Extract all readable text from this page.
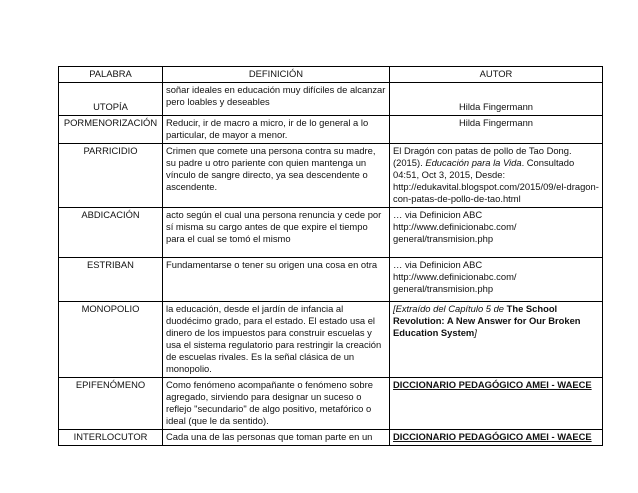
PALABRA	DEFINICIÓN	AUTOR
UTOPÍA	soñar ideales en educación muy difíciles de alcanzar pero loables y deseables	Hilda Fingermann
PORMENORIZACIÓN	Reducir, ir de macro a micro, ir de lo general a lo particular, de mayor a menor.	Hilda Fingermann
PARRICIDIO	Crimen que comete una persona contra su madre, su padre u otro pariente con quien mantenga un vínculo de sangre directo, ya sea descendente o ascendente.	El Dragón con patas de pollo de Tao Dong. (2015). Educación para la Vida. Consultado 04:51, Oct 3, 2015, Desde: http://edukavital.blogspot.com/2015/09/el-dragon-con-patas-de-pollo-de-tao.html
ABDICACIÓN	acto según el cual una persona renuncia y cede por sí misma su cargo antes de que expire el tiempo para el cual se tomó el mismo	… via Definicion ABC http://www.definicionabc.com/ general/transmision.php
ESTRIBAN	Fundamentarse o tener su origen una cosa en otra	… via Definicion ABC http://www.definicionabc.com/ general/transmision.php
MONOPOLIO	la educación, desde el jardín de infancia al duodécimo grado, para el estado. El estado usa el dinero de los impuestos para construir escuelas y usa el sistema regulatorio para restringir la creación de escuelas rivales. Es la señal clásica de un monopolio.	[Extraído del Capítulo 5 de The School Revolution: A New Answer for Our Broken Education System]
EPIFENÓMENO	Como fenómeno acompañante o fenómeno sobre agregado, sirviendo para designar un suceso o reflejo "secundario" de algo positivo, metafórico o ideal (que le da sentido).	DICCIONARIO PEDAGÓGICO AMEI - WAECE
INTERLOCUTOR	Cada una de las personas que toman parte en un	DICCIONARIO PEDAGÓGICO AMEI - WAECE
